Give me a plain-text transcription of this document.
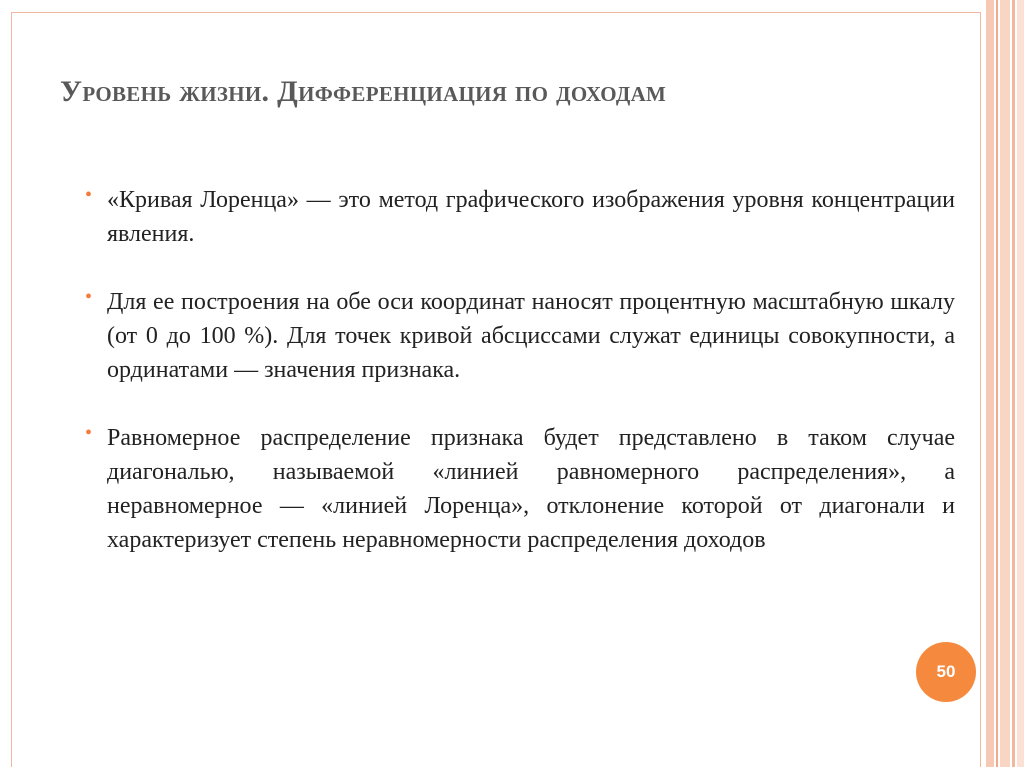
Уровень жизни. Дифференциация по доходам
• «Кривая Лоренца» — это метод графического изображения уровня концентрации явления.
• Для ее построения на обе оси координат наносят процентную масштабную шкалу (от 0 до 100 %). Для точек кривой абсциссами служат единицы совокупности, а ординатами — значения признака.
• Равномерное распределение признака будет представлено в таком случае диагональю, называемой «линией равномерного распределения», а неравномерное — «линией Лоренца», отклонение которой от диагонали и характеризует степень неравномерности распределения доходов
50
